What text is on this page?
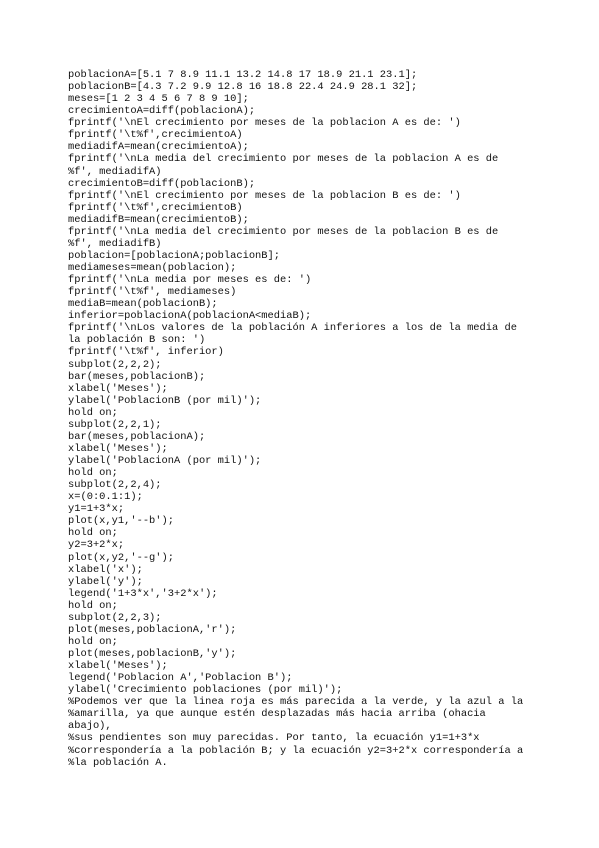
poblacionA=[5.1 7 8.9 11.1 13.2 14.8 17 18.9 21.1 23.1];
poblacionB=[4.3 7.2 9.9 12.8 16 18.8 22.4 24.9 28.1 32];
meses=[1 2 3 4 5 6 7 8 9 10];
crecimientoA=diff(poblacionA);
fprintf('\nEl crecimiento por meses de la poblacion A es de: ')
fprintf('\t%f',crecimientoA)
mediadifA=mean(crecimientoA);
fprintf('\nLa media del crecimiento por meses de la poblacion A es de
%f', mediadifA)
crecimientoB=diff(poblacionB);
fprintf('\nEl crecimiento por meses de la poblacion B es de: ')
fprintf('\t%f',crecimientoB)
mediadifB=mean(crecimientoB);
fprintf('\nLa media del crecimiento por meses de la poblacion B es de
%f', mediadifB)
poblacion=[poblacionA;poblacionB];
mediameses=mean(poblacion);
fprintf('\nLa media por meses es de: ')
fprintf('\t%f', mediameses)
mediaB=mean(poblacionB);
inferior=poblacionA(poblacionA<mediaB);
fprintf('\nLos valores de la población A inferiores a los de la media de
la población B son: ')
fprintf('\t%f', inferior)
subplot(2,2,2);
bar(meses,poblacionB);
xlabel('Meses');
ylabel('PoblacionB (por mil)');
hold on;
subplot(2,2,1);
bar(meses,poblacionA);
xlabel('Meses');
ylabel('PoblacionA (por mil)');
hold on;
subplot(2,2,4);
x=(0:0.1:1);
y1=1+3*x;
plot(x,y1,'--b');
hold on;
y2=3+2*x;
plot(x,y2,'--g');
xlabel('x');
ylabel('y');
legend('1+3*x','3+2*x');
hold on;
subplot(2,2,3);
plot(meses,poblacionA,'r');
hold on;
plot(meses,poblacionB,'y');
xlabel('Meses');
legend('Poblacion A','Poblacion B');
ylabel('Crecimiento poblaciones (por mil)');
%Podemos ver que la linea roja es más parecida a la verde, y la azul a la
%amarilla, ya que aunque estén desplazadas más hacia arriba (ohacia
abajo),
%sus pendientes son muy parecidas. Por tanto, la ecuación y1=1+3*x
%correspondería a la población B; y la ecuación y2=3+2*x correspondería a
%la población A.
